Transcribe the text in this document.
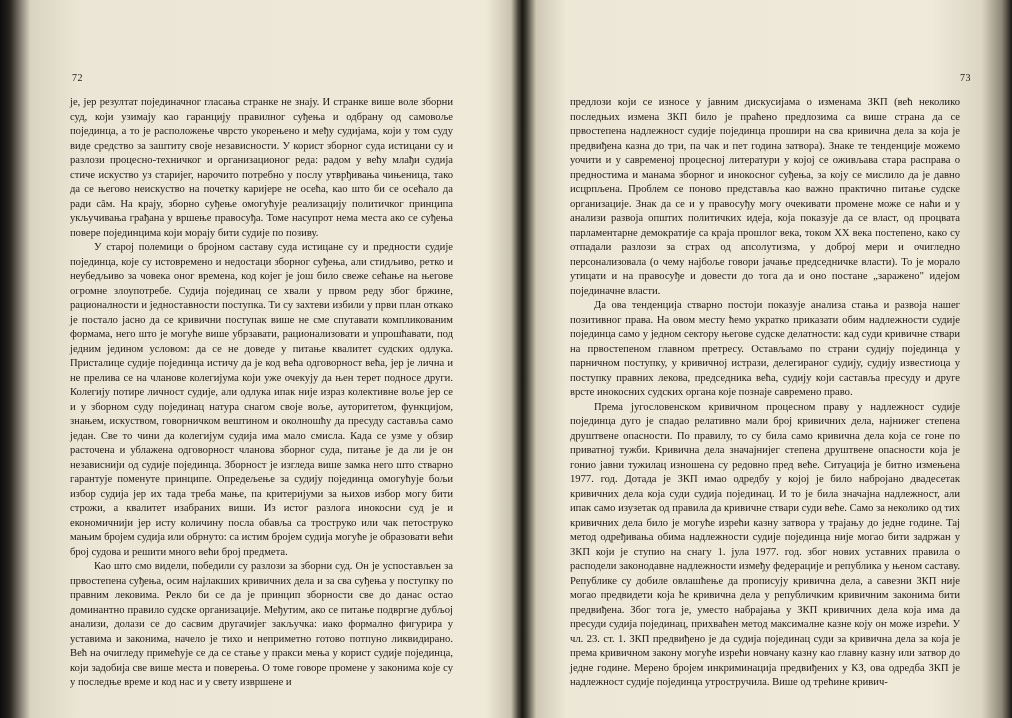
72

је, јер резултат појединачног гласања странке не знају. И странке више воле зборни суд, који узимају као гаранцију правилног суђења и одбрану од самовоље појединца, а то је расположење чврсто укорењено и међу судијама, који у том суду виде средство за заштиту своје независности. У корист зборног суда истицани су и разлози процесно-техничког и организационог реда: радом у већу млађи судија стиче искуство уз старијег, нарочито потребно у послу утврђивања чињеница, тако да се његово неискуство на почетку каријере не осећа, као што би се осећало да ради сâм. На крају, зборно суђење омогућује реализацију политичког принципа укључивања грађана у вршење правосуђа. Томе насупрот нема места ако се суђења повере појединцима који морају бити судије по позиву.

У старој полемици о бројном саставу суда истицане су и предности судије појединца, које су истовремено и недостаци зборног суђења, али стидљиво, ретко и неубедљиво за човека оног времена, код којег је још било свеже сећање на његове огромне злоупотребе. Судија појединац се хвали у првом реду због бржине, рационалности и једноставности поступка. Ти су захтеви избили у први план откако је постало јасно да се кривични поступак више не сме спутавати компликованим формама, него што је могуће више убрзавати, рационализовати и упрошћавати, под једним једином условом: да се не доведе у питање квалитет судских одлука. Присталице судије појединца истичу да је код већа одговорност већа, јер је лична и не прелива се на чланове колегијума који уже очекују да њен терет подносе други. Колегију потире личност судије, али одлука ипак није израз колективне воље јер се и у зборном суду појединац натура снагом своје воље, ауторитетом, функцијом, знањем, искуством, говорничком вештином и околношћу да пресуду саставља само један. Све то чини да колегијум судија има мало смисла. Када се узме у обзир расточена и ублажена одговорност чланова зборног суда, питање је да ли је он независнији од судије појединца. Зборност је изгледа више замка него што стварно гарантује поменуте принципе. Опредељење за судију појединца омогућује бољи избор судија јер их тада треба мање, па критеријуми за њихов избор могу бити строжи, а квалитет изабраних виши. Из истог разлога инокосни суд је и економичнији јер исту количину посла обавља са троструко или чак петоструко мањим бројем судија или обрнуто: са истим бројем судија могуће је образовати већи број судова и решити много већи број предмета.

Као што смо видели, победили су разлози за зборни суд. Он је успостављен за првостепена суђења, осим најлакших кривичних дела и за сва суђења у поступку по правним лековима. Рекло би се да је принцип зборности све до данас остао доминантно правило судске организације. Међутим, ако се питање подвргне дубљој анализи, долази се до сасвим другачијег закључка: иако формално фигурира у уставима и законима, начело је тихо и неприметно готово потпуно ликвидирано. Већ на очигледу примећује се да се стање у пракси мења у корист судије појединца, који задобија све више места и поверења. О томе говоре промене у законима које су у последње време и код нас и у свету извршене и

73

предлози који се износе у јавним дискусијама о изменама ЗКП (већ неколико последњих измена ЗКП било је праћено предлозима са више страна да се првостепена надлежност судије појединца прошири на сва кривична дела за која је предвиђена казна до три, па чак и пет година затвора). Знаке те тенденције можемо уочити и у савременој процесној литератури у којој се оживљава стара расправа о предностима и манама зборног и инокосног суђења, за коју се мислило да је давно исцрпљена. Проблем се поново представља као важно практично питање судске организације. Знак да се и у правосуђу могу очекивати промене може се наћи и у анализи развоја општих политичких идеја, која показује да се власт, од процвата парламентарне демократије са краја прошлог века, током XX века постепено, како су отпадали разлози за страх од апсолутизма, у доброј мери и очигледно персонализовала (о чему најбоље говори јачање председничке власти). То је морало утицати и на правосуђе и довести до тога да и оно постане „заражено" идејом појединачне власти.

Да ова тенденција стварно постоји показује анализа стања и развоја нашег позитивног права. На овом месту ћемо укратко приказати обим надлежности судије појединца само у једном сектору његове судске делатности: кад суди кривичне ствари на првостепеном главном претресу. Остављамо по страни судију појединца у парничном поступку, у кривичној истрази, делегираног судију, судију известиоца у поступку правних лекова, председника већа, судију који саставља пресуду и друге врсте инокосних судских органа које познаје савремено право.

Према југословенском кривичном процесном праву у надлежност судије појединца дуго је спадао релативно мали број кривичних дела, најнижег степена друштвене опасности. По правилу, то су била само кривична дела која се гоне по приватној тужби. Кривична дела значајнијег степена друштвене опасности која је гонио јавни тужилац изношена су редовно пред веће. Ситуација је битно измењена 1977. год. Дотада је ЗКП имао одредбу у којој је било набројано двадесетак кривичних дела која суди судија појединац. И то је била значајна надлежност, али ипак само изузетак од правила да кривичне ствари суди веће. Само за неколико од тих кривичних дела било је могуће изрећи казну затвора у трајању до једне године. Тај метод одређивања обима надлежности судије појединца није могао бити задржан у ЗКП који је ступио на снагу 1. јула 1977. год. због нових уставних правила о расподели законодавне надлежности између федерације и република у њеном саставу. Републике су добиле овлашћење да прописују кривична дела, а савезни ЗКП није могао предвидети која ће кривична дела у републичким кривичним законима бити предвиђена. Због тога је, уместо набрајања у ЗКП кривичних дела која има да пресуди судија појединац, прихваћен метод максималне казне коју он може изрећи. У чл. 23. ст. 1. ЗКП предвиђено је да судија појединац суди за кривична дела за која је према кривичном закону могуће изрећи новчану казну као главну казну или затвор до једне године. Мерено бројем инкриминација предвиђених у КЗ, ова одредба ЗКП је надлежност судије појединца утростручила. Више од трећине кривич-
